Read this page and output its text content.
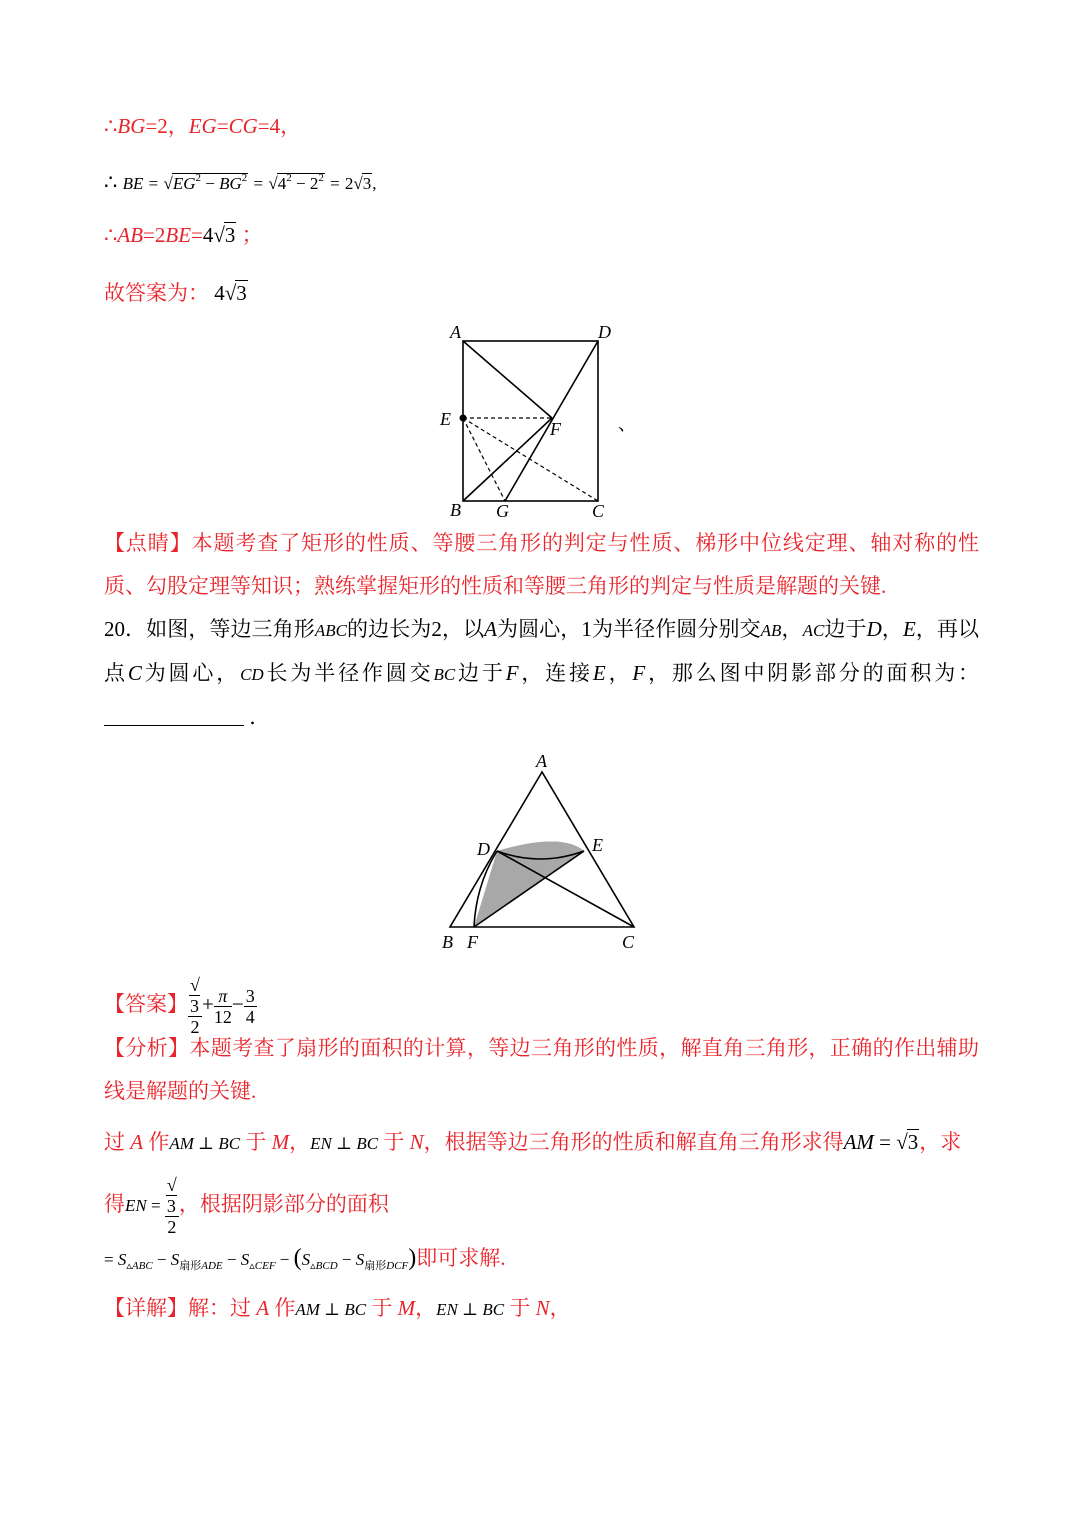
∴BG=2，EG=CG=4，
∴ BE = $√EG^2 - BG^2 = √4^2 - 2^2 = 2√3$,
∴AB=2BE=4√3 ；
故答案为： 4√3
A	D
E	F
B G	C
、
【点睛】本题考查了矩形的性质、等腰三角形的判定与性质、梯形中位线定理、轴对称的性质、勾股定理等知识；熟练掌握矩形的性质和等腰三角形的判定与性质是解题的关键.
20．如图，等边三角形ABC的边长为2，以A为圆心，1为半径作圆分别交AB，AC边于D，E，再以点C为圆心，CD长为半径作圆交BC边于F，连接E，F，那么图中阴影部分的面积为： ．
A
D	E
B F	C
【答案】 √
3
$2 + \frac{\pi}{12} - \frac{3}{4}$
【分析】本题考查了扇形的面积的计算，等边三角形的性质，解直角三角形，正确的作出辅助线是解题的关键.
过 A 作AM ⊥ BC 于 M，EN ⊥ BC 于 N，根据等边三角形的性质和解直角三角形求得AM = √3，求
得EN = √
3
2 ，根据阴影部分的面积
= $S_{▵ABC} - S_{扇形ADE} - S_{▵CEF} - (S_{▵BCD} - S_{扇形DCF})$即可求解.
【详解】解：过 A 作AM ⊥ BC 于 M，EN ⊥ BC 于 N，
